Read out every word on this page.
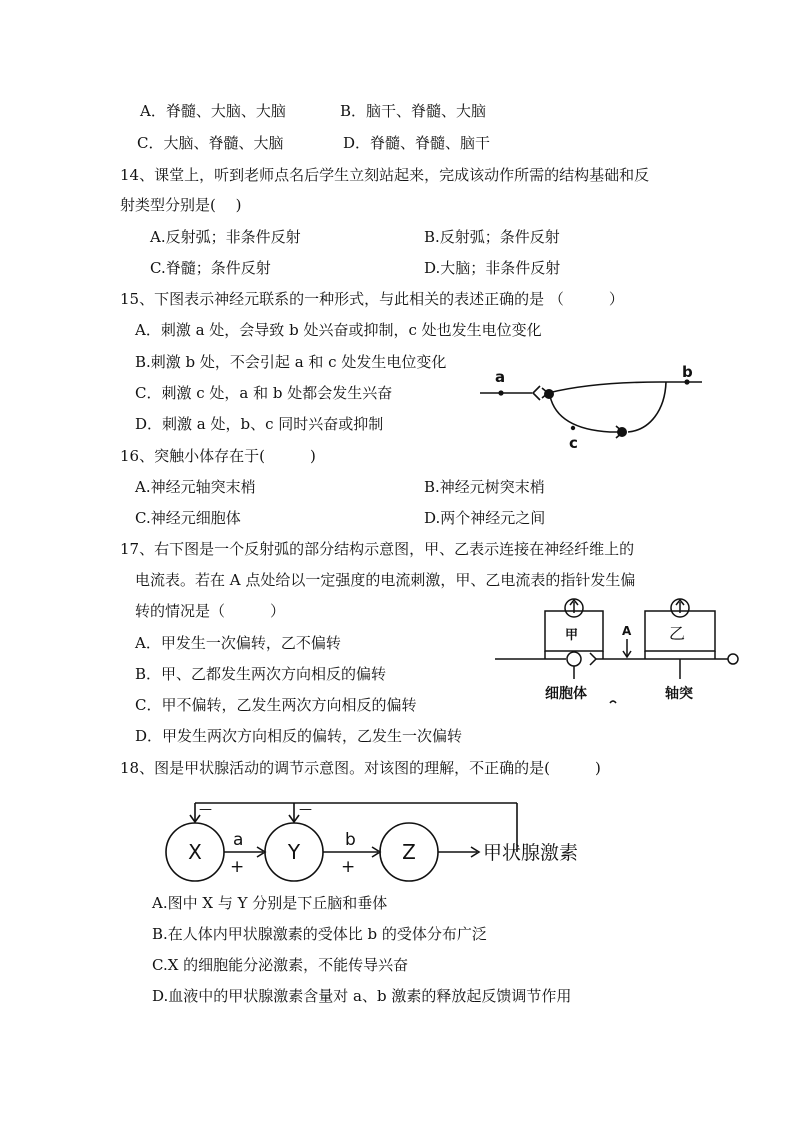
A．脊髓、大脑、大脑	B．脑干、脊髓、大脑
C．大脑、脊髓、大脑	D．脊髓、脊髓、脑干
14、课堂上，听到老师点名后学生立刻站起来，完成该动作所需的结构基础和反
射类型分别是(　 )
A.反射弧；非条件反射	B.反射弧；条件反射
C.脊髓；条件反射	D.大脑；非条件反射
15、下图表示神经元联系的一种形式，与此相关的表述正确的是 （　　　）
A．刺激 a 处，会导致 b 处兴奋或抑制，c 处也发生电位变化
B.刺激 b 处，不会引起 a 和 c 处发生电位变化
C．刺激 c 处，a 和 b 处都会发生兴奋
D．刺激 a 处，b、c 同时兴奋或抑制
a	b
c
16、突触小体存在于(　　　)
A.神经元轴突末梢	B.神经元树突末梢
C.神经元细胞体	D.两个神经元之间
17、右下图是一个反射弧的部分结构示意图，甲、乙表示连接在神经纤维上的
电流表。若在 A 点处给以一定强度的电流刺激，甲、乙电流表的指针发生偏
转的情况是（　　　）
A．甲发生一次偏转，乙不偏转
B．甲、乙都发生两次方向相反的偏转
C．甲不偏转，乙发生两次方向相反的偏转
D．甲发生两次方向相反的偏转，乙发生一次偏转
甲	乙
A
细胞体	轴突
18、图是甲状腺活动的调节示意图。对该图的理解，不正确的是(　　　)
X	Y	Z
a	b
+	+
—	—
甲状腺激素
A.图中 X 与 Y 分别是下丘脑和垂体
B.在人体内甲状腺激素的受体比 b 的受体分布广泛
C.X 的细胞能分泌激素，不能传导兴奋
D.血液中的甲状腺激素含量对 a、b 激素的释放起反馈调节作用
